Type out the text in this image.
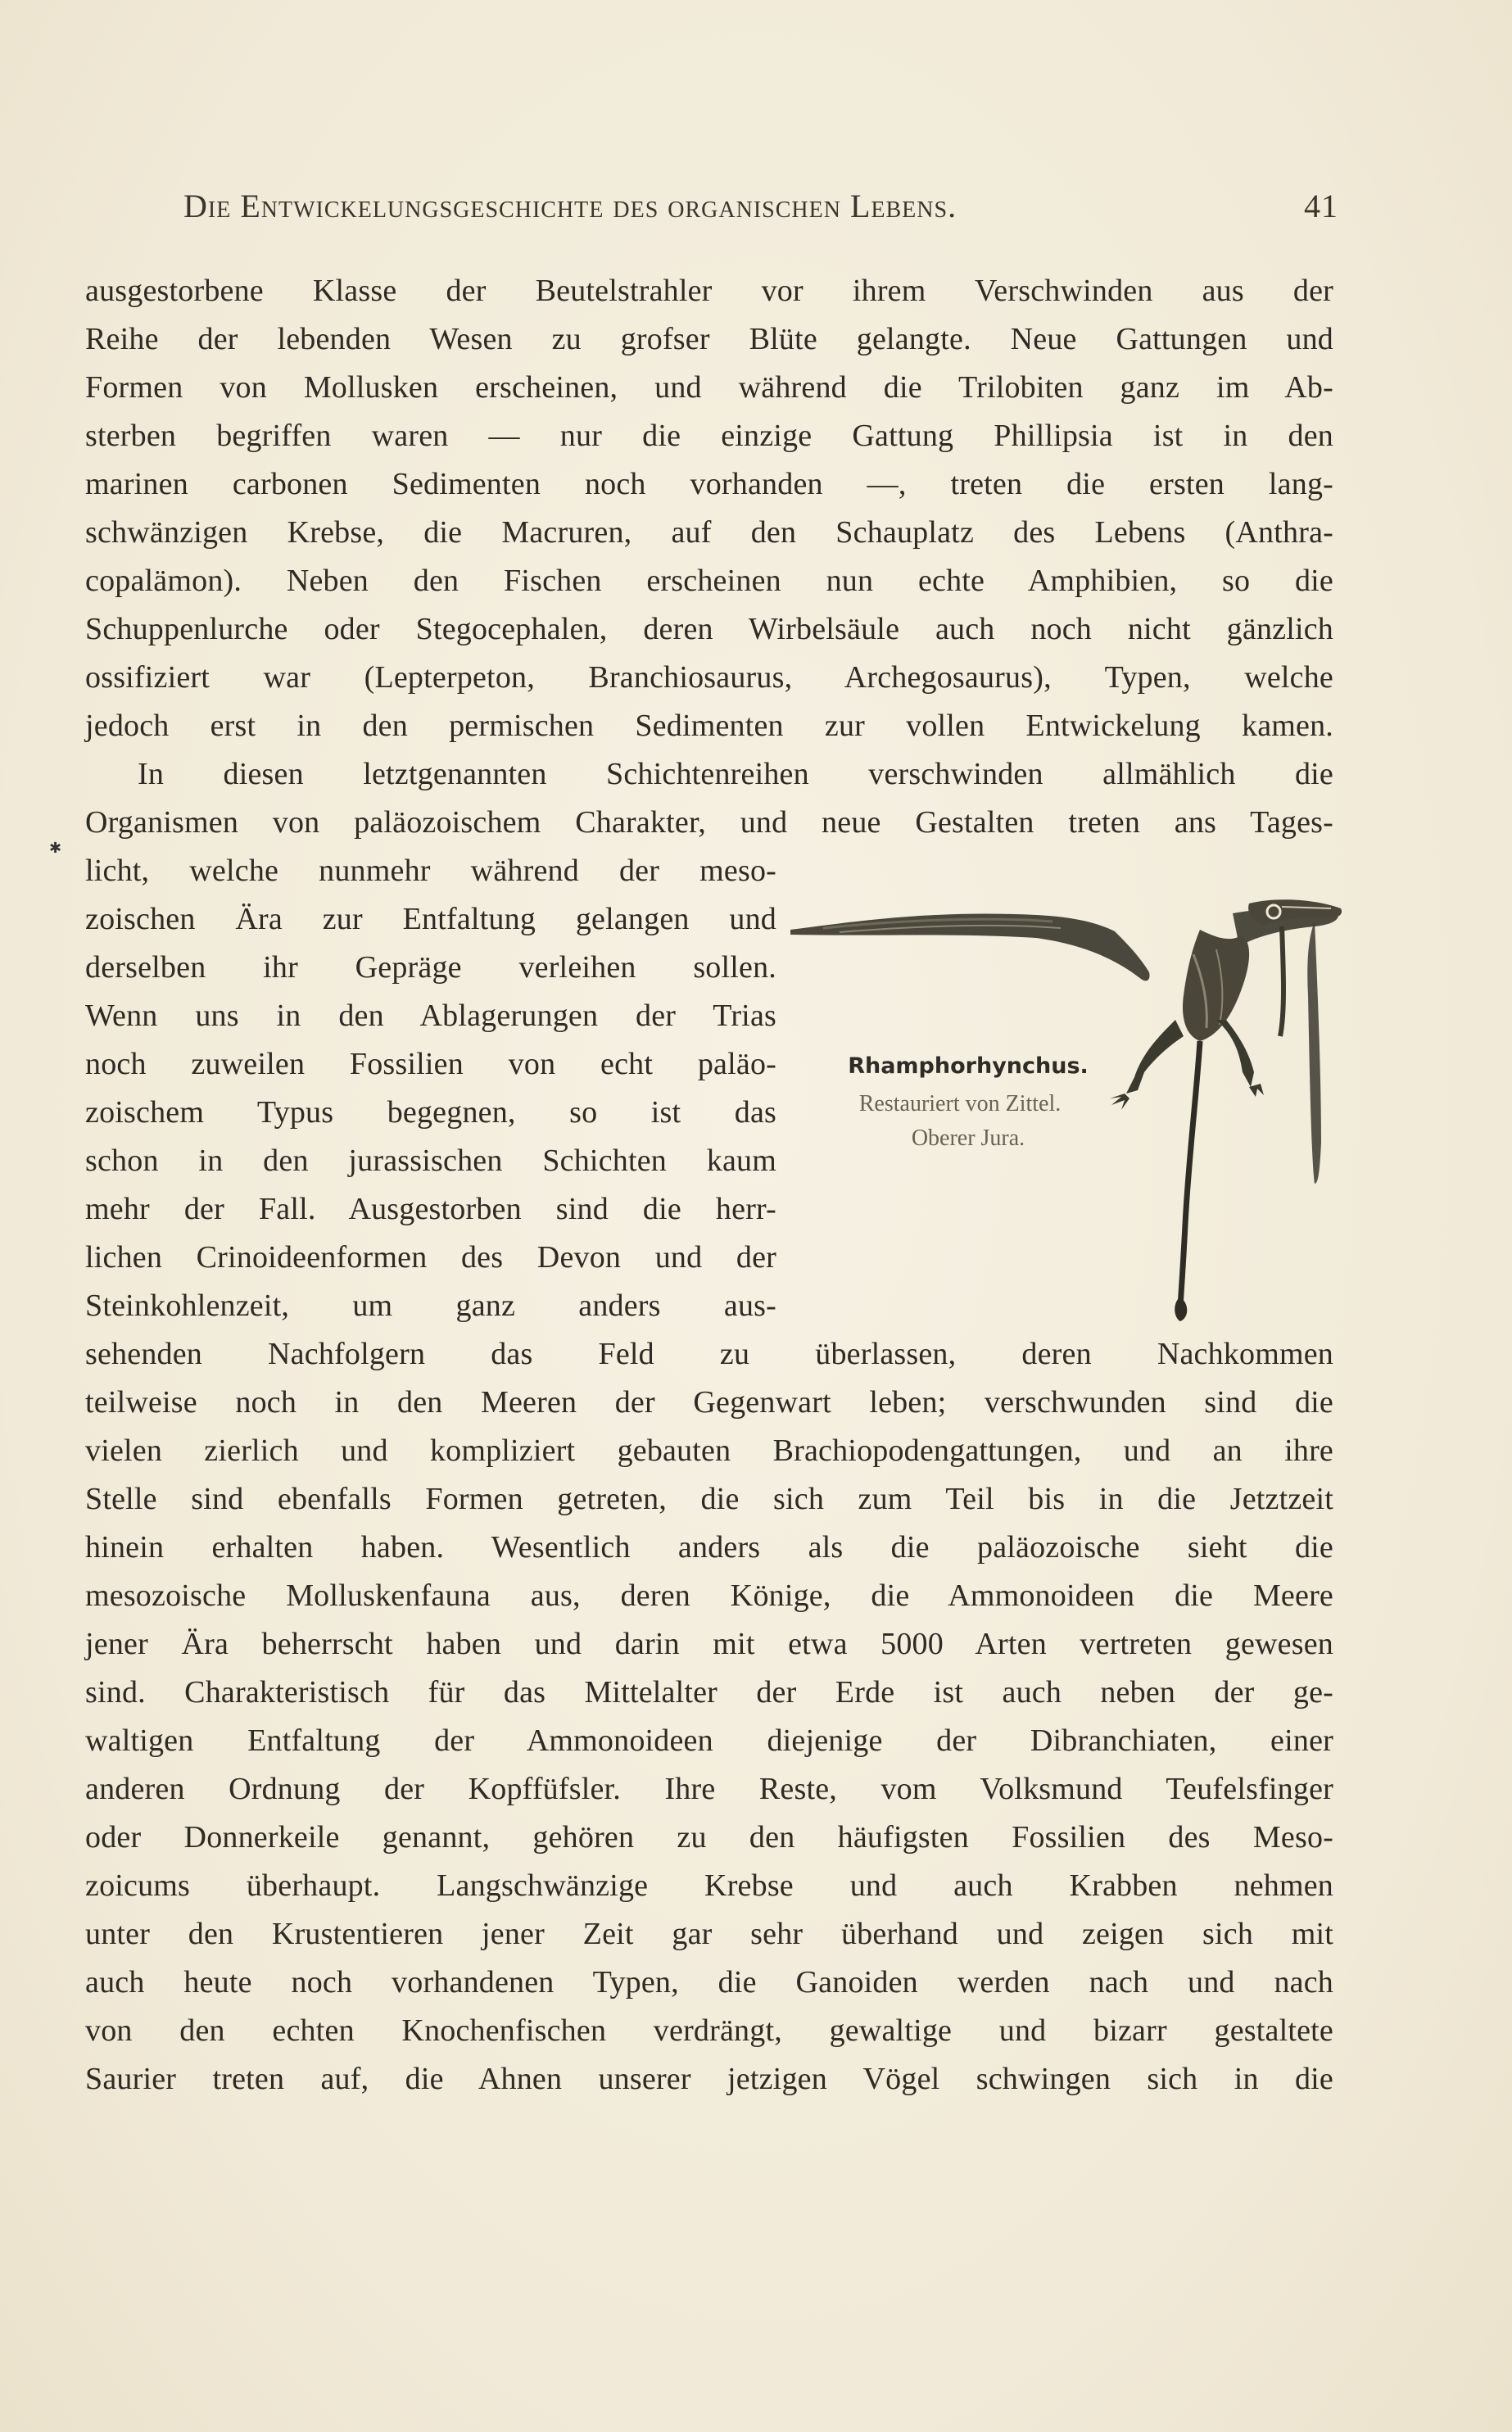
Die Entwickelungsgeschichte des organischen Lebens.	41
ausgestorbene Klasse der Beutelstrahler vor ihrem Verschwinden aus der
Reihe der lebenden Wesen zu grofser Blüte gelangte. Neue Gattungen und
Formen von Mollusken erscheinen, und während die Trilobiten ganz im Ab-
sterben begriffen waren — nur die einzige Gattung Phillipsia ist in den
marinen carbonen Sedimenten noch vorhanden —, treten die ersten lang-
schwänzigen Krebse, die Macruren, auf den Schauplatz des Lebens (Anthra-
copalämon). Neben den Fischen erscheinen nun echte Amphibien, so die
Schuppenlurche oder Stegocephalen, deren Wirbelsäule auch noch nicht gänzlich
ossifiziert war (Lepterpeton, Branchiosaurus, Archegosaurus), Typen, welche
jedoch erst in den permischen Sedimenten zur vollen Entwickelung kamen.
In diesen letztgenannten Schichtenreihen verschwinden allmählich die
Organismen von paläozoischem Charakter, und neue Gestalten treten ans Tages-
✱
licht, welche nunmehr während der meso-
zoischen Ära zur Entfaltung gelangen und
derselben ihr Gepräge verleihen sollen.
Wenn uns in den Ablagerungen der Trias
noch zuweilen Fossilien von echt paläo-
zoischem Typus begegnen, so ist das
schon in den jurassischen Schichten kaum
mehr der Fall. Ausgestorben sind die herr-
lichen Crinoideenformen des Devon und der
Steinkohlenzeit, um ganz anders aus-
sehenden Nachfolgern das Feld zu überlassen, deren Nachkommen
teilweise noch in den Meeren der Gegenwart leben; verschwunden sind die
vielen zierlich und kompliziert gebauten Brachiopodengattungen, und an ihre
Stelle sind ebenfalls Formen getreten, die sich zum Teil bis in die Jetztzeit
hinein erhalten haben. Wesentlich anders als die paläozoische sieht die
mesozoische Molluskenfauna aus, deren Könige, die Ammonoideen die Meere
jener Ära beherrscht haben und darin mit etwa 5000 Arten vertreten gewesen
sind. Charakteristisch für das Mittelalter der Erde ist auch neben der ge-
waltigen Entfaltung der Ammonoideen diejenige der Dibranchiaten, einer
anderen Ordnung der Kopffüfsler. Ihre Reste, vom Volksmund Teufelsfinger
oder Donnerkeile genannt, gehören zu den häufigsten Fossilien des Meso-
zoicums überhaupt. Langschwänzige Krebse und auch Krabben nehmen
unter den Krustentieren jener Zeit gar sehr überhand und zeigen sich mit
auch heute noch vorhandenen Typen, die Ganoiden werden nach und nach
von den echten Knochenfischen verdrängt, gewaltige und bizarr gestaltete
Saurier treten auf, die Ahnen unserer jetzigen Vögel schwingen sich in die
Rhamphorhynchus.
Restauriert von Zittel.
Oberer Jura.
